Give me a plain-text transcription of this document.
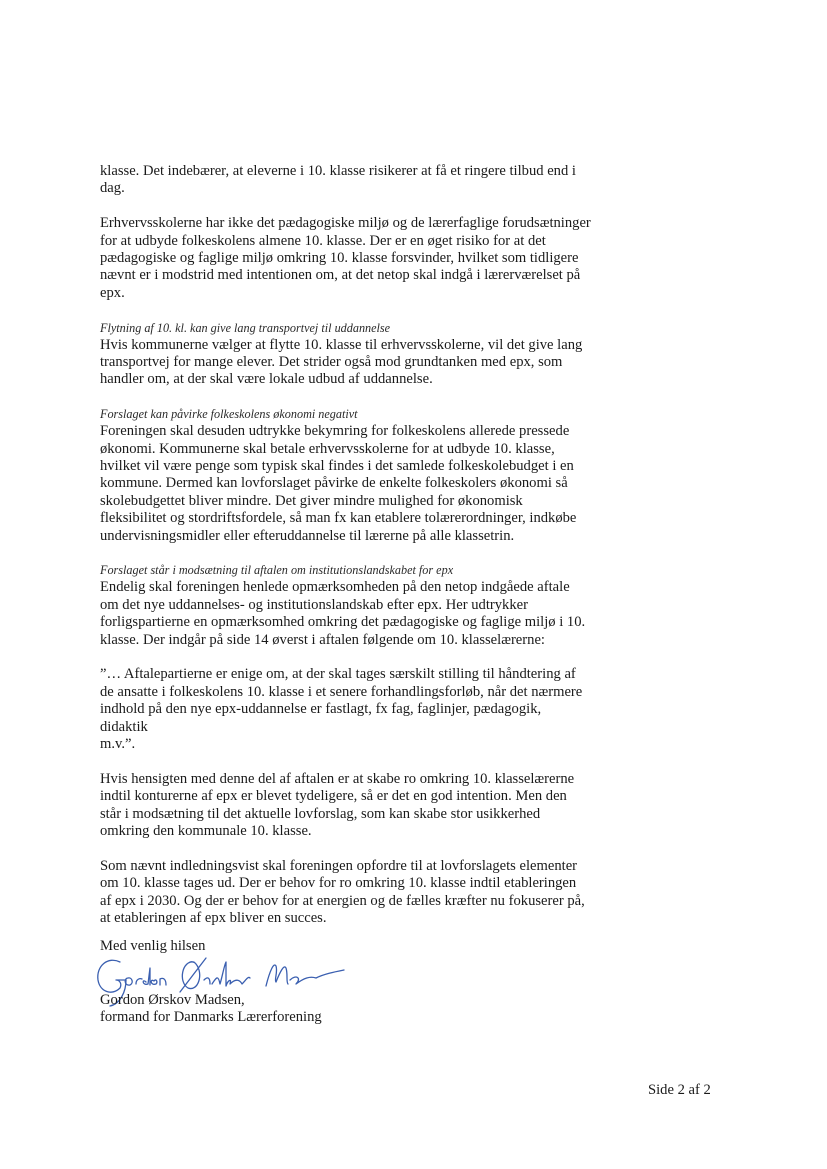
klasse. Det indebærer, at eleverne i 10. klasse risikerer at få et ringere tilbud end i
dag.

Erhvervsskolerne har ikke det pædagogiske miljø og de lærerfaglige forudsætninger
for at udbyde folkeskolens almene 10. klasse. Der er en øget risiko for at det
pædagogiske og faglige miljø omkring 10. klasse forsvinder, hvilket som tidligere
nævnt er i modstrid med intentionen om, at det netop skal indgå i lærerværelset på
epx.

Flytning af 10. kl. kan give lang transportvej til uddannelse

Hvis kommunerne vælger at flytte 10. klasse til erhvervsskolerne, vil det give lang
transportvej for mange elever. Det strider også mod grundtanken med epx, som
handler om, at der skal være lokale udbud af uddannelse.

Forslaget kan påvirke folkeskolens økonomi negativt

Foreningen skal desuden udtrykke bekymring for folkeskolens allerede pressede
økonomi. Kommunerne skal betale erhvervsskolerne for at udbyde 10. klasse,
hvilket vil være penge som typisk skal findes i det samlede folkeskolebudget i en
kommune. Dermed kan lovforslaget påvirke de enkelte folkeskolers økonomi så
skolebudgettet bliver mindre. Det giver mindre mulighed for økonomisk
fleksibilitet og stordriftsfordele, så man fx kan etablere tolærerordninger, indkøbe
undervisningsmidler eller efteruddannelse til lærerne på alle klassetrin.

Forslaget står i modsætning til aftalen om institutionslandskabet for epx

Endelig skal foreningen henlede opmærksomheden på den netop indgåede aftale
om det nye uddannelses- og institutionslandskab efter epx. Her udtrykker
forligspartierne en opmærksomhed omkring det pædagogiske og faglige miljø i 10.
klasse. Der indgår på side 14 øverst i aftalen følgende om 10. klasselærerne:

”… Aftalepartierne er enige om, at der skal tages særskilt stilling til håndtering af
de ansatte i folkeskolens 10. klasse i et senere forhandlingsforløb, når det nærmere
indhold på den nye epx-uddannelse er fastlagt, fx fag, faglinjer, pædagogik, didaktik
m.v.”.

Hvis hensigten med denne del af aftalen er at skabe ro omkring 10. klasselærerne
indtil konturerne af epx er blevet tydeligere, så er det en god intention. Men den
står i modsætning til det aktuelle lovforslag, som kan skabe stor usikkerhed
omkring den kommunale 10. klasse.

Som nævnt indledningsvist skal foreningen opfordre til at lovforslagets elementer
om 10. klasse tages ud. Der er behov for ro omkring 10. klasse indtil etableringen
af epx i 2030. Og der er behov for at energien og de fælles kræfter nu fokuserer på,
at etableringen af epx bliver en succes.

Med venlig hilsen
Gordon Ørskov Madsen

Gordon Ørskov Madsen,

formand for Danmarks Lærerforening

Side 2 af 2
